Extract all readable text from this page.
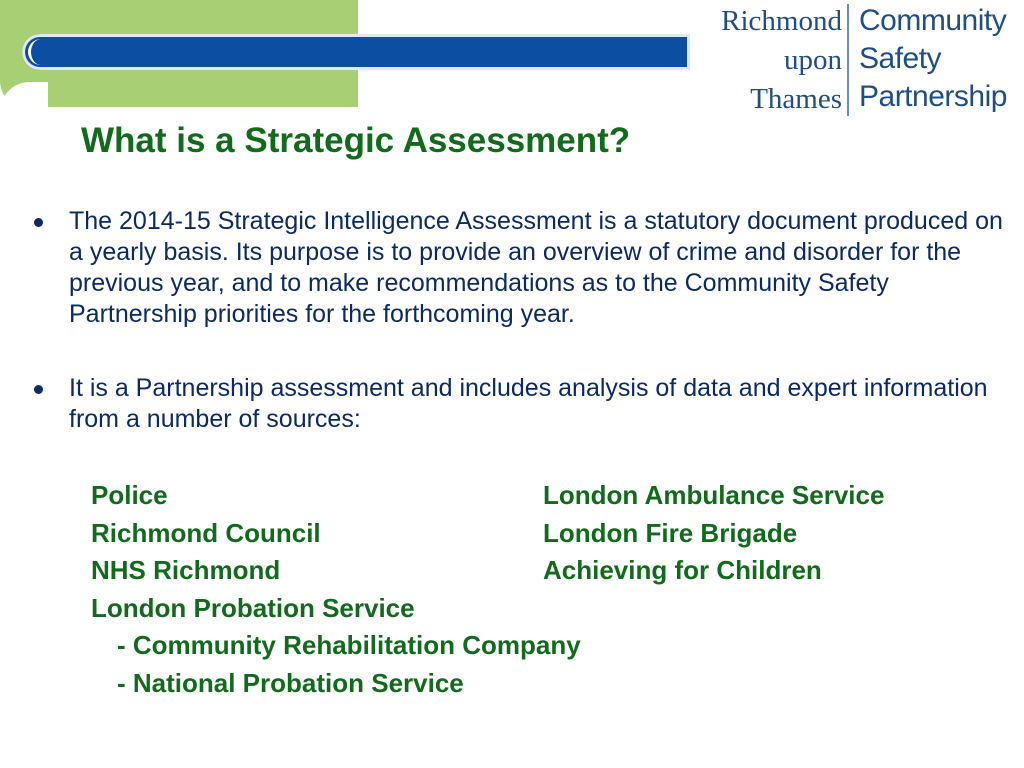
Richmond
upon
Thames
Community
Safety
Partnership
What is a Strategic Assessment?
The 2014-15 Strategic Intelligence Assessment is a statutory document produced on a yearly basis. Its purpose is to provide an overview of crime and disorder for the previous year, and to make recommendations as to the Community Safety Partnership priorities for the forthcoming year.
It is a Partnership assessment and includes analysis of data and expert information from a number of sources:
Police
Richmond Council
NHS Richmond
London Probation Service
- Community Rehabilitation Company
- National Probation Service
London Ambulance Service
London Fire Brigade
Achieving for Children
